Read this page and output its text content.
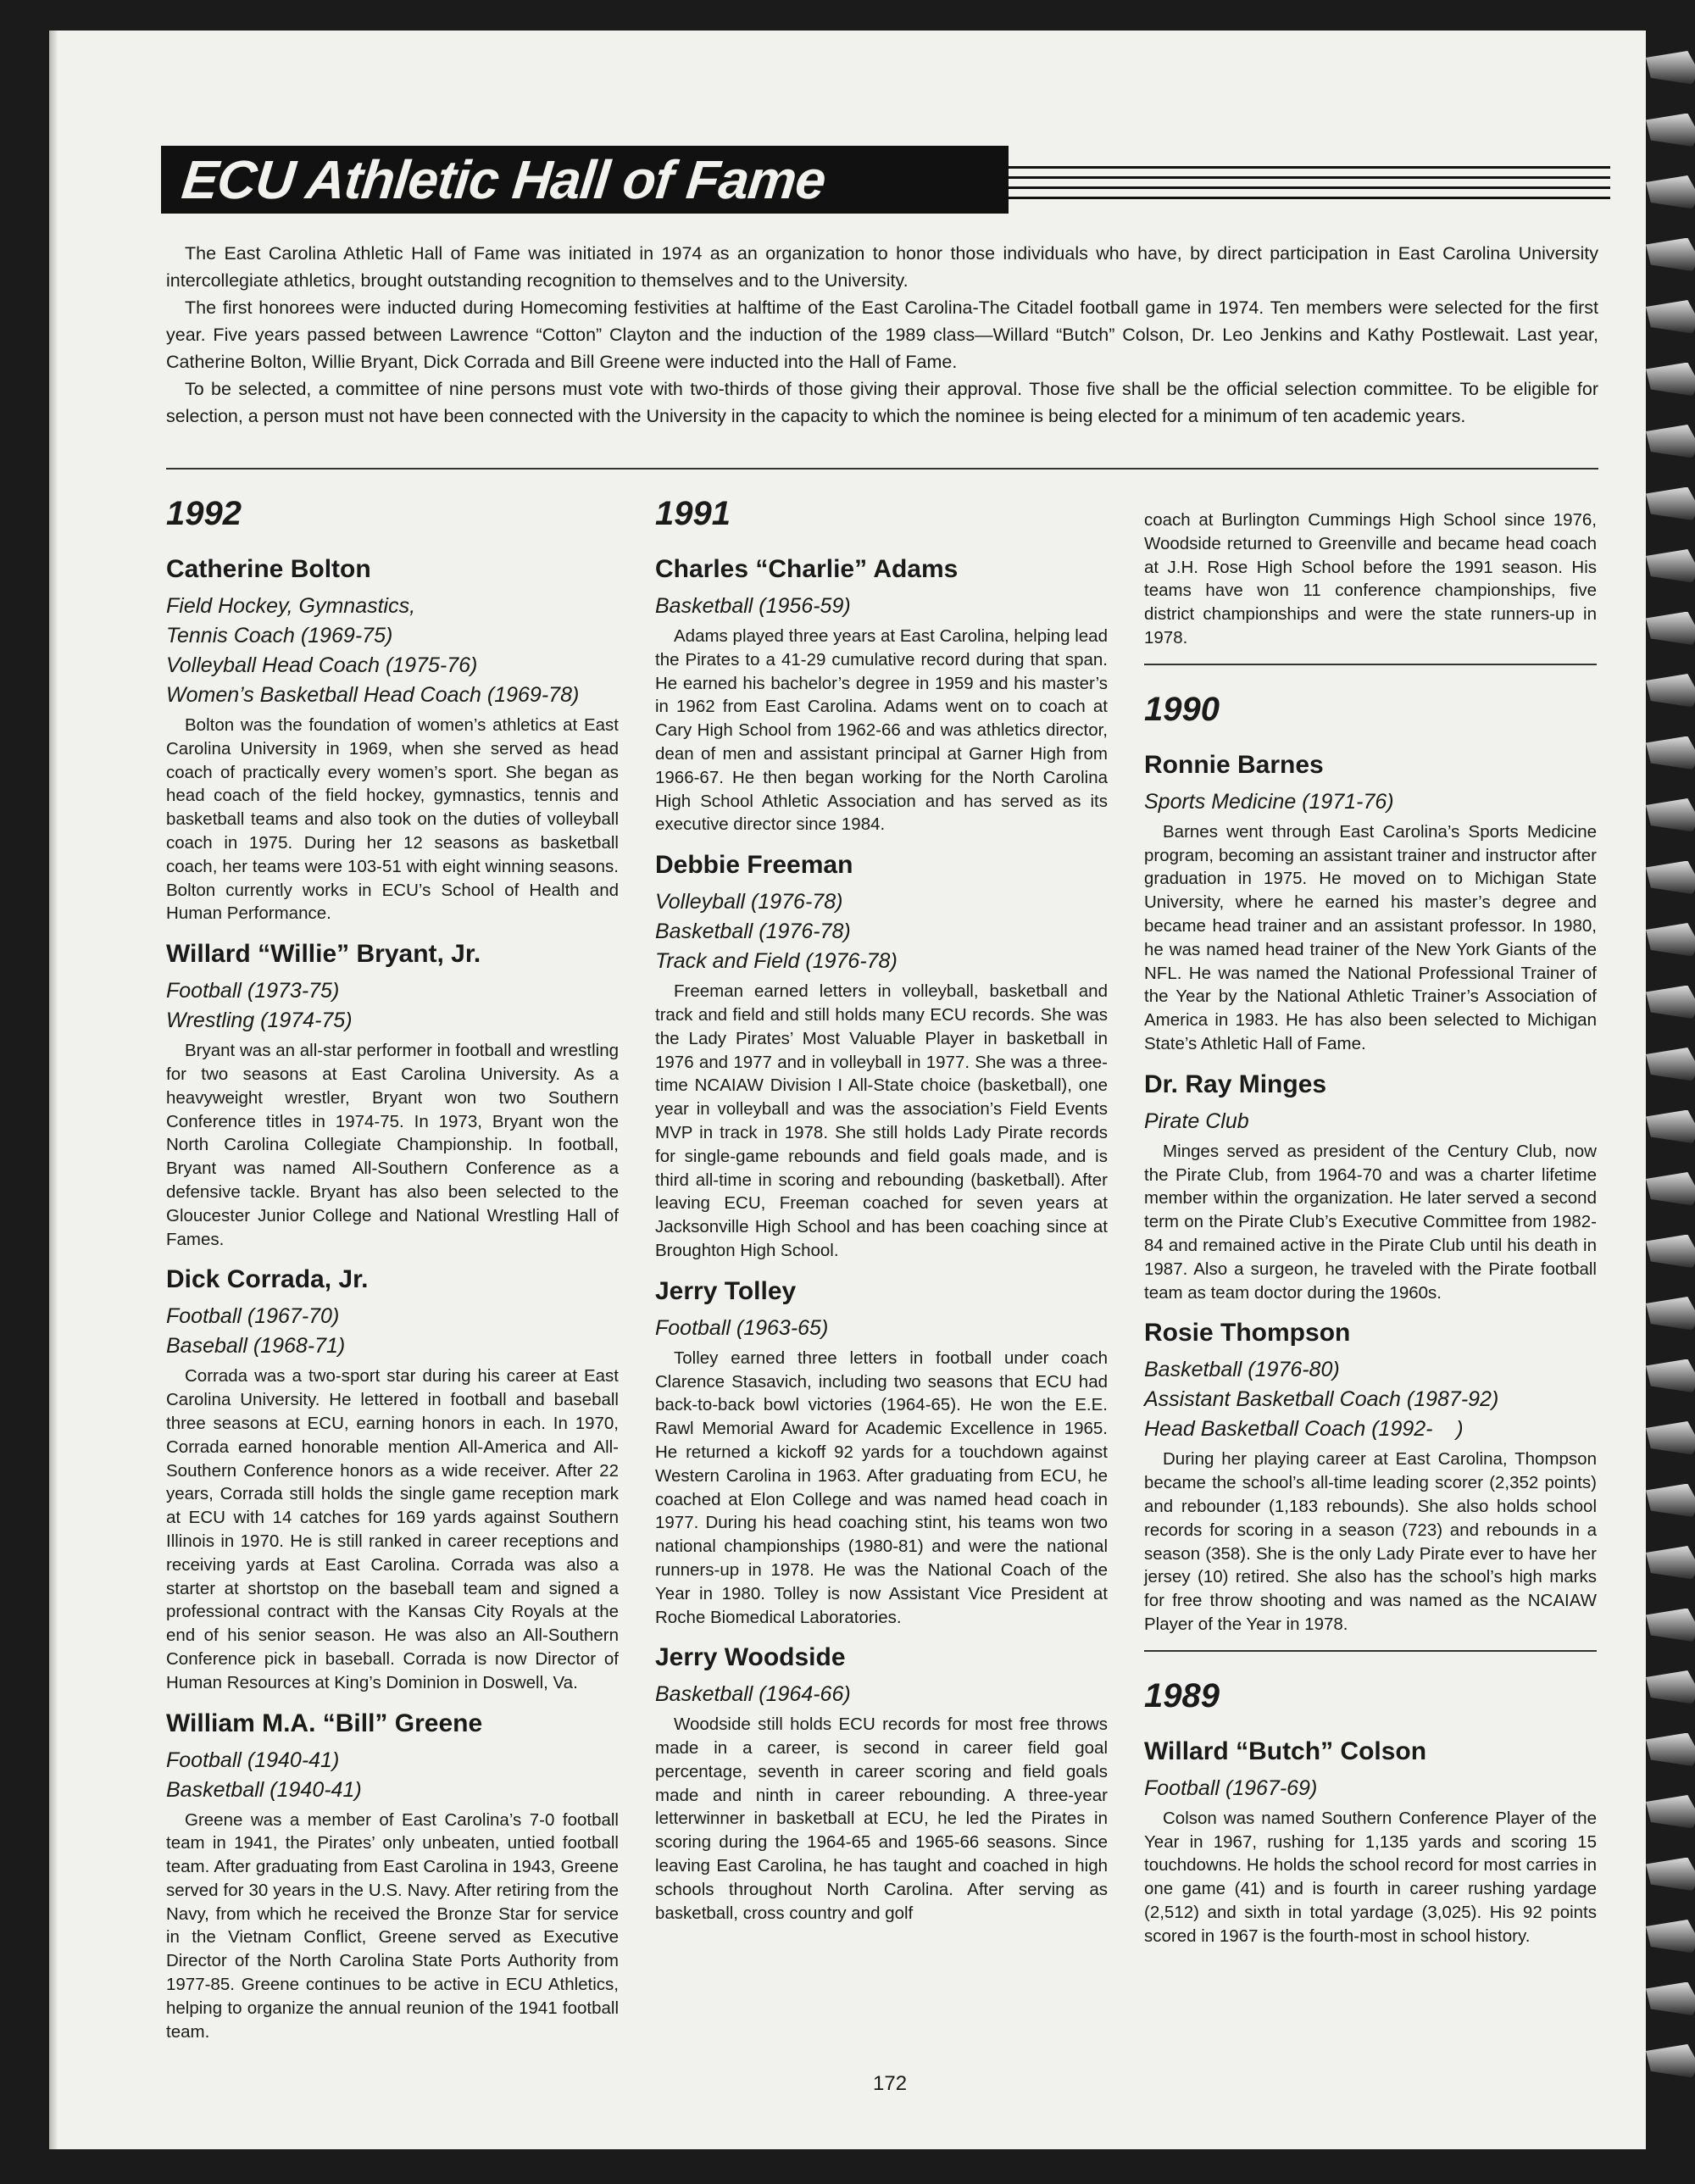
ECU Athletic Hall of Fame

The East Carolina Athletic Hall of Fame was initiated in 1974 as an organization to honor those individuals who have, by direct participation in East Carolina University intercollegiate athletics, brought outstanding recognition to themselves and to the University.

The first honorees were inducted during Homecoming festivities at halftime of the East Carolina-The Citadel football game in 1974. Ten members were selected for the first year. Five years passed between Lawrence “Cotton” Clayton and the induction of the 1989 class—Willard “Butch” Colson, Dr. Leo Jenkins and Kathy Postlewait. Last year, Catherine Bolton, Willie Bryant, Dick Corrada and Bill Greene were inducted into the Hall of Fame.

To be selected, a committee of nine persons must vote with two-thirds of those giving their approval. Those five shall be the official selection committee. To be eligible for selection, a person must not have been connected with the University in the capacity to which the nominee is being elected for a minimum of ten academic years.

1992
Catherine Bolton
Field Hockey, Gymnastics,
Tennis Coach (1969-75)
Volleyball Head Coach (1975-76)
Women’s Basketball Head Coach (1969-78)

Bolton was the foundation of women’s athletics at East Carolina University in 1969, when she served as head coach of practically every women’s sport. She began as head coach of the field hockey, gymnastics, tennis and basketball teams and also took on the duties of volleyball coach in 1975. During her 12 seasons as basketball coach, her teams were 103-51 with eight winning seasons. Bolton currently works in ECU’s School of Health and Human Performance.

Willard “Willie” Bryant, Jr.
Football (1973-75)
Wrestling (1974-75)

Bryant was an all-star performer in football and wrestling for two seasons at East Carolina University. As a heavyweight wrestler, Bryant won two Southern Conference titles in 1974-75. In 1973, Bryant won the North Carolina Collegiate Championship. In football, Bryant was named All-Southern Conference as a defensive tackle. Bryant has also been selected to the Gloucester Junior College and National Wrestling Hall of Fames.

Dick Corrada, Jr.
Football (1967-70)
Baseball (1968-71)

Corrada was a two-sport star during his career at East Carolina University. He lettered in football and baseball three seasons at ECU, earning honors in each. In 1970, Corrada earned honorable mention All-America and All-Southern Conference honors as a wide receiver. After 22 years, Corrada still holds the single game reception mark at ECU with 14 catches for 169 yards against Southern Illinois in 1970. He is still ranked in career receptions and receiving yards at East Carolina. Corrada was also a starter at shortstop on the baseball team and signed a professional contract with the Kansas City Royals at the end of his senior season. He was also an All-Southern Conference pick in baseball. Corrada is now Director of Human Resources at King’s Dominion in Doswell, Va.

William M.A. “Bill” Greene
Football (1940-41)
Basketball (1940-41)

Greene was a member of East Carolina’s 7-0 football team in 1941, the Pirates’ only unbeaten, untied football team. After graduating from East Carolina in 1943, Greene served for 30 years in the U.S. Navy. After retiring from the Navy, from which he received the Bronze Star for service in the Vietnam Conflict, Greene served as Executive Director of the North Carolina State Ports Authority from 1977-85. Greene continues to be active in ECU Athletics, helping to organize the annual reunion of the 1941 football team.

1991
Charles “Charlie” Adams
Basketball (1956-59)

Adams played three years at East Carolina, helping lead the Pirates to a 41-29 cumulative record during that span. He earned his bachelor’s degree in 1959 and his master’s in 1962 from East Carolina. Adams went on to coach at Cary High School from 1962-66 and was athletics director, dean of men and assistant principal at Garner High from 1966-67. He then began working for the North Carolina High School Athletic Association and has served as its executive director since 1984.

Debbie Freeman
Volleyball (1976-78)
Basketball (1976-78)
Track and Field (1976-78)

Freeman earned letters in volleyball, basketball and track and field and still holds many ECU records. She was the Lady Pirates’ Most Valuable Player in basketball in 1976 and 1977 and in volleyball in 1977. She was a three-time NCAIAW Division I All-State choice (basketball), one year in volleyball and was the association’s Field Events MVP in track in 1978. She still holds Lady Pirate records for single-game rebounds and field goals made, and is third all-time in scoring and rebounding (basketball). After leaving ECU, Freeman coached for seven years at Jacksonville High School and has been coaching since at Broughton High School.

Jerry Tolley
Football (1963-65)

Tolley earned three letters in football under coach Clarence Stasavich, including two seasons that ECU had back-to-back bowl victories (1964-65). He won the E.E. Rawl Memorial Award for Academic Excellence in 1965. He returned a kickoff 92 yards for a touchdown against Western Carolina in 1963. After graduating from ECU, he coached at Elon College and was named head coach in 1977. During his head coaching stint, his teams won two national championships (1980-81) and were the national runners-up in 1978. He was the National Coach of the Year in 1980. Tolley is now Assistant Vice President at Roche Biomedical Laboratories.

Jerry Woodside
Basketball (1964-66)

Woodside still holds ECU records for most free throws made in a career, is second in career field goal percentage, seventh in career scoring and field goals made and ninth in career rebounding. A three-year letterwinner in basketball at ECU, he led the Pirates in scoring during the 1964-65 and 1965-66 seasons. Since leaving East Carolina, he has taught and coached in high schools throughout North Carolina. After serving as basketball, cross country and golf

coach at Burlington Cummings High School since 1976, Woodside returned to Greenville and became head coach at J.H. Rose High School before the 1991 season. His teams have won 11 conference championships, five district championships and were the state runners-up in 1978.

1990
Ronnie Barnes
Sports Medicine (1971-76)

Barnes went through East Carolina’s Sports Medicine program, becoming an assistant trainer and instructor after graduation in 1975. He moved on to Michigan State University, where he earned his master’s degree and became head trainer and an assistant professor. In 1980, he was named head trainer of the New York Giants of the NFL. He was named the National Professional Trainer of the Year by the National Athletic Trainer’s Association of America in 1983. He has also been selected to Michigan State’s Athletic Hall of Fame.

Dr. Ray Minges
Pirate Club

Minges served as president of the Century Club, now the Pirate Club, from 1964-70 and was a charter lifetime member within the organization. He later served a second term on the Pirate Club’s Executive Committee from 1982-84 and remained active in the Pirate Club until his death in 1987. Also a surgeon, he traveled with the Pirate football team as team doctor during the 1960s.

Rosie Thompson
Basketball (1976-80)
Assistant Basketball Coach (1987-92)
Head Basketball Coach (1992-    )

During her playing career at East Carolina, Thompson became the school’s all-time leading scorer (2,352 points) and rebounder (1,183 rebounds). She also holds school records for scoring in a season (723) and rebounds in a season (358). She is the only Lady Pirate ever to have her jersey (10) retired. She also has the school’s high marks for free throw shooting and was named as the NCAIAW Player of the Year in 1978.

1989
Willard “Butch” Colson
Football (1967-69)

Colson was named Southern Conference Player of the Year in 1967, rushing for 1,135 yards and scoring 15 touchdowns. He holds the school record for most carries in one game (41) and is fourth in career rushing yardage (2,512) and sixth in total yardage (3,025). His 92 points scored in 1967 is the fourth-most in school history.

172
